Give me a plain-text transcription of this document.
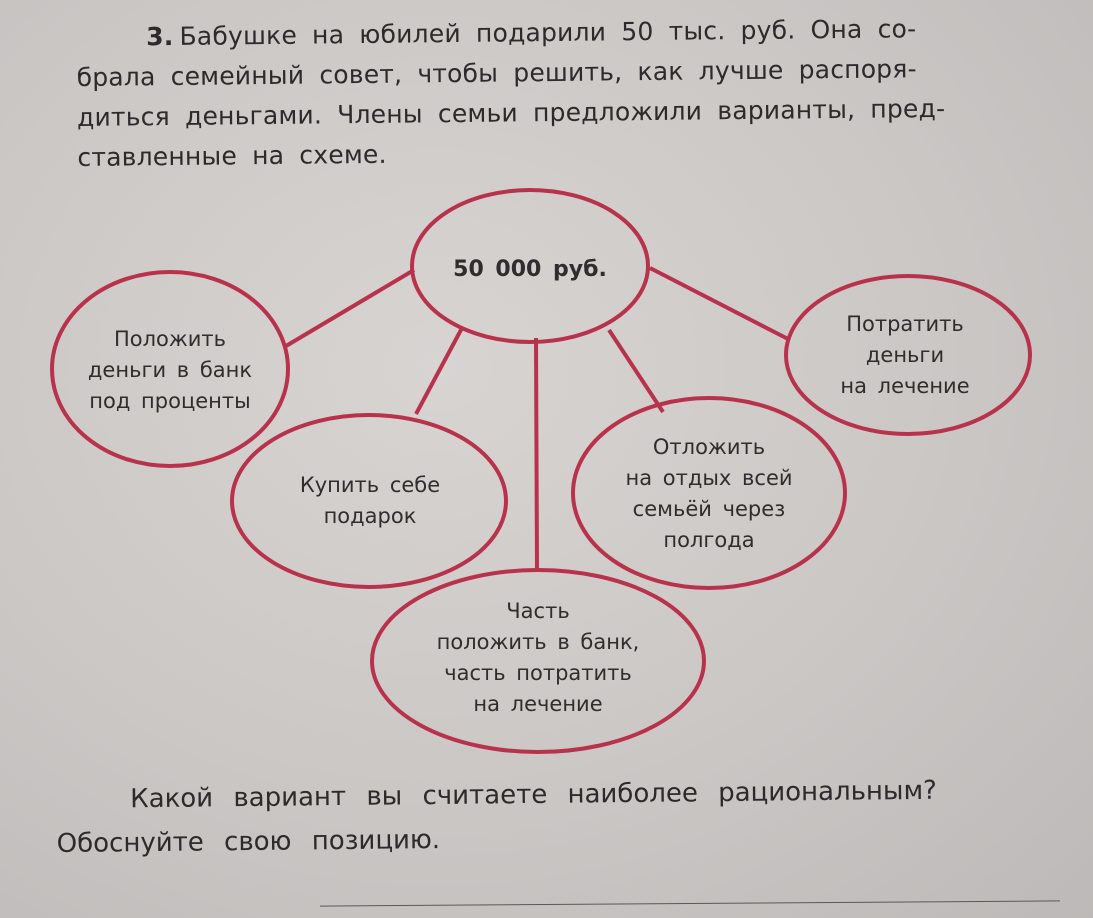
3. Бабушке на юбилей подарили 50 тыс. руб. Она со-
брала семейный совет, чтобы решить, как лучше распоря-
диться деньгами. Члены семьи предложили варианты, пред-
ставленные на схеме.
50 000 руб.
Положить
деньги в банк
под проценты
Купить себе
подарок
Часть
положить в банк,
часть потратить
на лечение
Отложить
на отдых всей
семьёй через
полгода
Потратить
деньги
на лечение
Какой вариант вы считаете наиболее рациональным?
Обоснуйте свою позицию.
